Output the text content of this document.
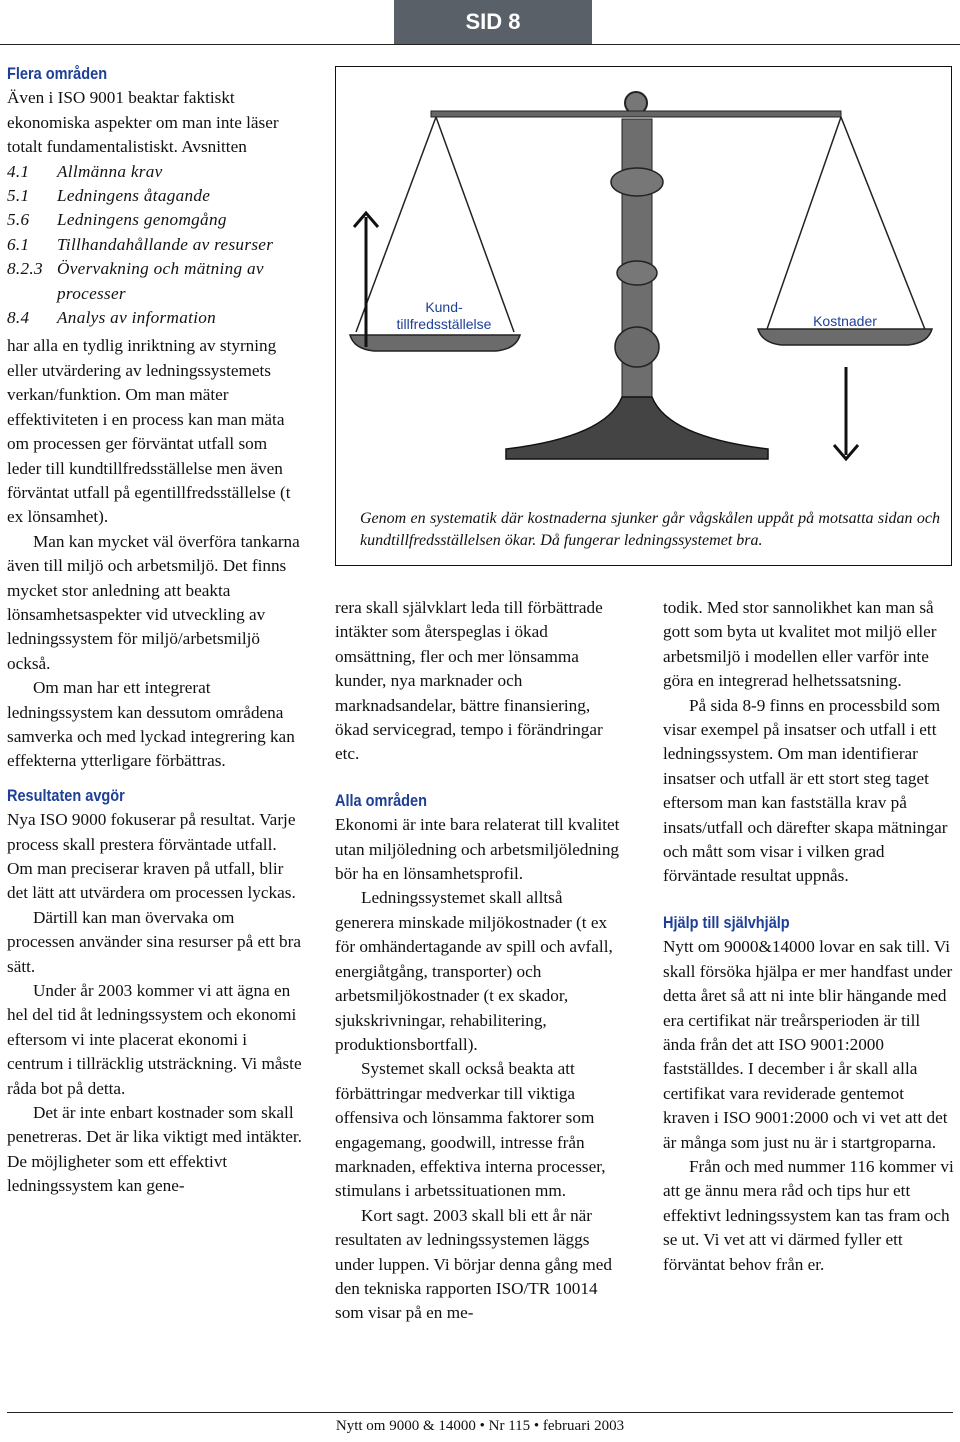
SID 8
Flera områden

Även i ISO 9001 beaktar faktiskt ekonomiska aspekter om man inte läser totalt fundamentalistiskt. Avsnitten

4.1	Allmänna krav
5.1	Ledningens åtagande
5.6	Ledningens genomgång
6.1	Tillhandahållande av resurser
8.2.3 Övervakning och mätning av processer
8.4	Analys av information

har alla en tydlig inriktning av styrning eller utvärdering av ledningssystemets verkan/funktion. Om man mäter effektiviteten i en process kan man mäta om processen ger förväntat utfall som leder till kundtillfredsställelse men även förväntat utfall på egentillfredsställelse (t ex lönsamhet).

Man kan mycket väl överföra tankarna även till miljö och arbetsmiljö. Det finns mycket stor anledning att beakta lönsamhetsaspekter vid utveckling av ledningssystem för miljö/arbetsmiljö också.

Om man har ett integrerat ledningssystem kan dessutom områdena samverka och med lyckad integrering kan effekterna ytterligare förbättras.

Resultaten avgör

Nya ISO 9000 fokuserar på resultat. Varje process skall prestera förväntade utfall. Om man preciserar kraven på utfall, blir det lätt att utvärdera om processen lyckas.

Därtill kan man övervaka om processen använder sina resurser på ett bra sätt.

Under år 2003 kommer vi att ägna en hel del tid åt ledningssystem och ekonomi eftersom vi inte placerat ekonomi i centrum i tillräcklig utsträckning. Vi måste råda bot på detta.

Det är inte enbart kostnader som skall penetreras. Det är lika viktigt med intäkter. De möjligheter som ett effektivt ledningssystem kan gene-

Kund-
tillfredsställelse	Kostnader
Genom en systematik där kostnaderna sjunker går vågskålen uppåt på motsatta sidan och kundtillfredsställelsen ökar. Då fungerar ledningssystemet bra.

rera skall självklart leda till förbättrade intäkter som återspeglas i ökad omsättning, fler och mer lönsamma kunder, nya marknader och marknadsandelar, bättre finansiering, ökad servicegrad, tempo i förändringar etc.

Alla områden

Ekonomi är inte bara relaterat till kvalitet utan miljöledning och arbetsmiljöledning bör ha en lönsamhetsprofil.

Ledningssystemet skall alltså generera minskade miljökostnader (t ex för omhändertagande av spill och avfall, energiåtgång, transporter) och arbetsmiljökostnader (t ex skador, sjukskrivningar, rehabilitering, produktionsbortfall).

Systemet skall också beakta att förbättringar medverkar till viktiga offensiva och lönsamma faktorer som engagemang, goodwill, intresse från marknaden, effektiva interna processer, stimulans i arbetssituationen mm.

Kort sagt. 2003 skall bli ett år när resultaten av ledningssystemen läggs under luppen. Vi börjar denna gång med den tekniska rapporten ISO/TR 10014 som visar på en me-

todik. Med stor sannolikhet kan man så gott som byta ut kvalitet mot miljö eller arbetsmiljö i modellen eller varför inte göra en integrerad helhetssatsning.

På sida 8-9 finns en processbild som visar exempel på insatser och utfall i ett ledningssystem. Om man identifierar insatser och utfall är ett stort steg taget eftersom man kan fastställa krav på insats/utfall och därefter skapa mätningar och mått som visar i vilken grad förväntade resultat uppnås.

Hjälp till självhjälp

Nytt om 9000&14000 lovar en sak till. Vi skall försöka hjälpa er mer handfast under detta året så att ni inte blir hängande med era certifikat när treårsperioden är till ända från det att ISO 9001:2000 fastställdes. I december i år skall alla certifikat vara reviderade gentemot kraven i ISO 9001:2000 och vi vet att det är många som just nu är i startgroparna.

Från och med nummer 116 kommer vi att ge ännu mera råd och tips hur ett effektivt ledningssystem kan tas fram och se ut. Vi vet att vi därmed fyller ett förväntat behov från er.

Nytt om 9000 & 14000 • Nr 115 • februari 2003
